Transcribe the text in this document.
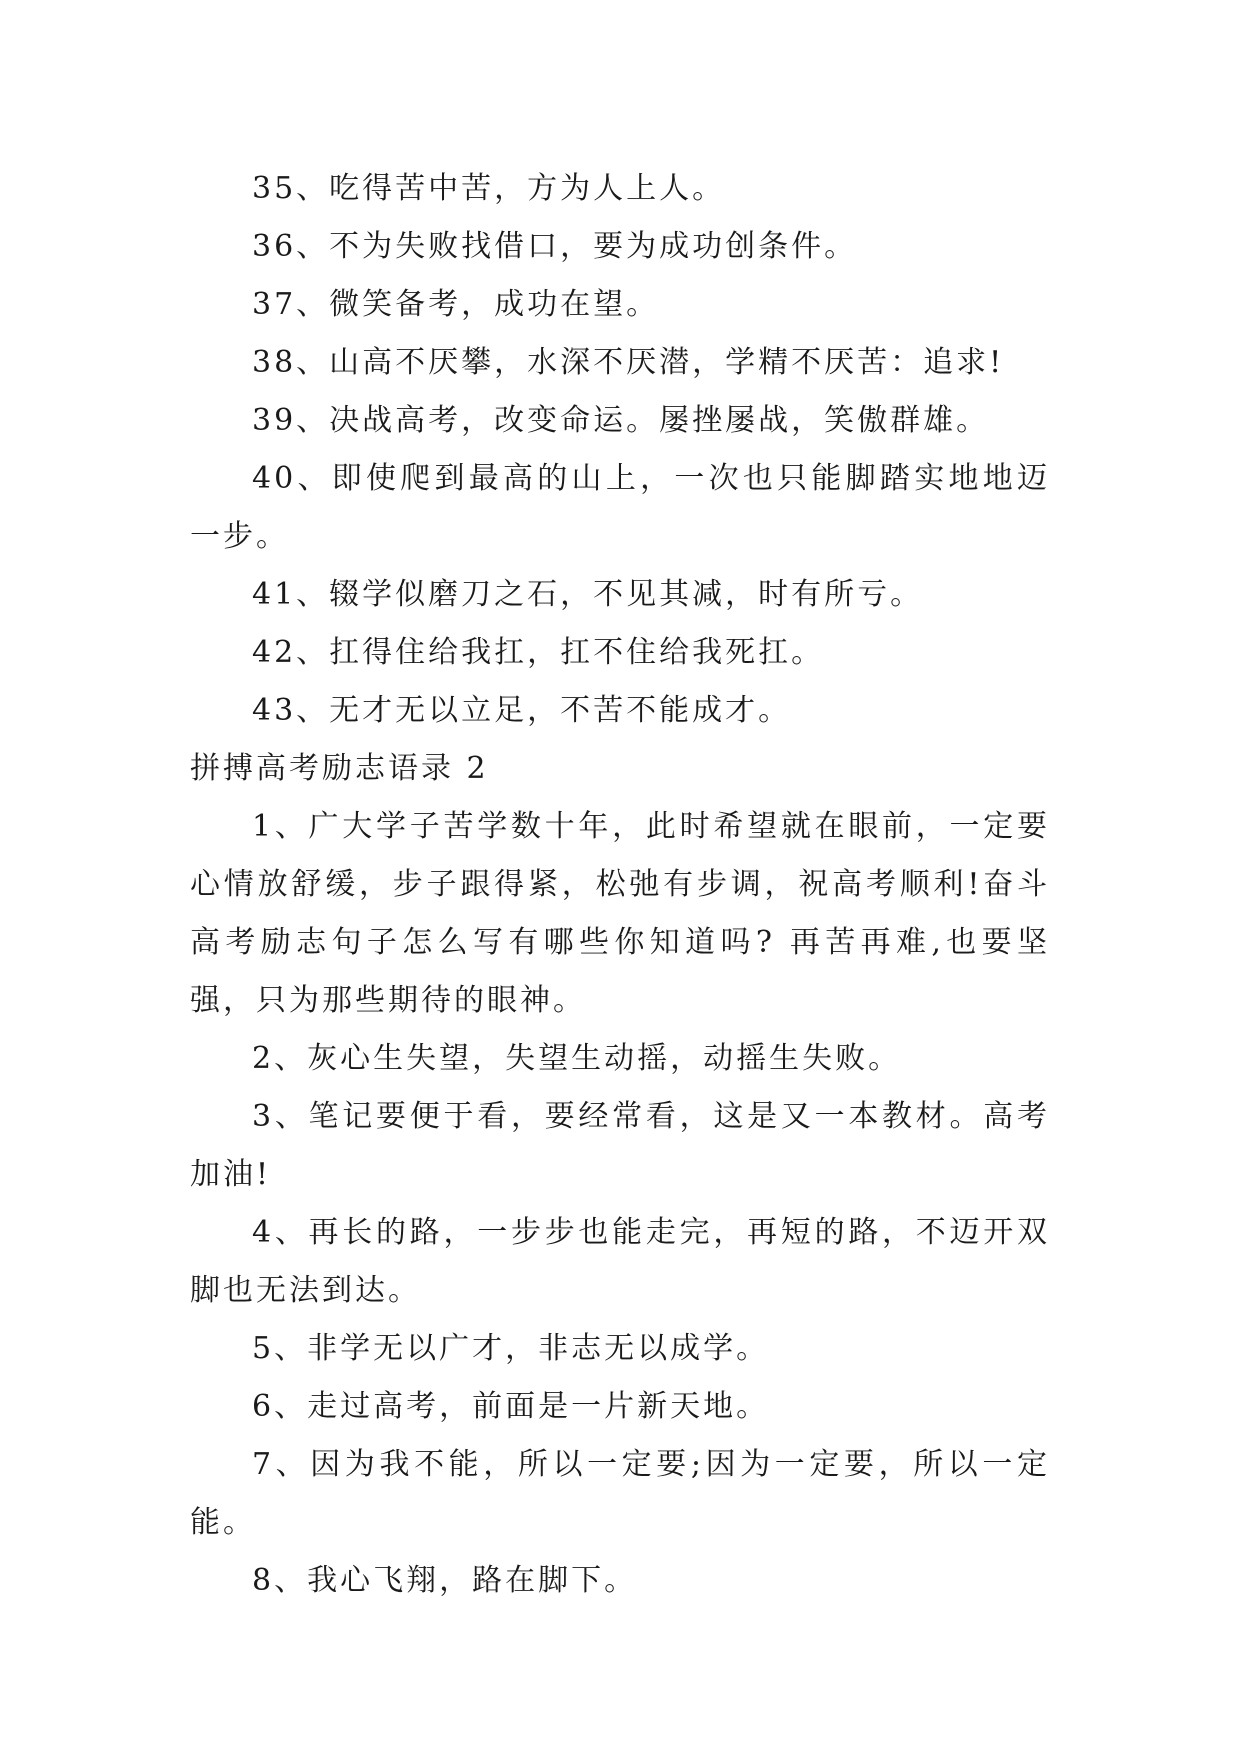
35、吃得苦中苦，方为人上人。

36、不为失败找借口，要为成功创条件。

37、微笑备考，成功在望。

38、山高不厌攀，水深不厌潜，学精不厌苦：追求!

39、决战高考，改变命运。屡挫屡战，笑傲群雄。

40、即使爬到最高的山上，一次也只能脚踏实地地迈一步。

41、辍学似磨刀之石，不见其减，时有所亏。

42、扛得住给我扛，扛不住给我死扛。

43、无才无以立足，不苦不能成才。

拼搏高考励志语录 2

1、广大学子苦学数十年，此时希望就在眼前，一定要心情放舒缓，步子跟得紧，松弛有步调，祝高考顺利!奋斗高考励志句子怎么写有哪些你知道吗? 再苦再难,也要坚强，只为那些期待的眼神。

2、灰心生失望，失望生动摇，动摇生失败。

3、笔记要便于看，要经常看，这是又一本教材。高考加油!

4、再长的路，一步步也能走完，再短的路，不迈开双脚也无法到达。

5、非学无以广才，非志无以成学。

6、走过高考，前面是一片新天地。

7、因为我不能，所以一定要;因为一定要，所以一定能。

8、我心飞翔，路在脚下。
